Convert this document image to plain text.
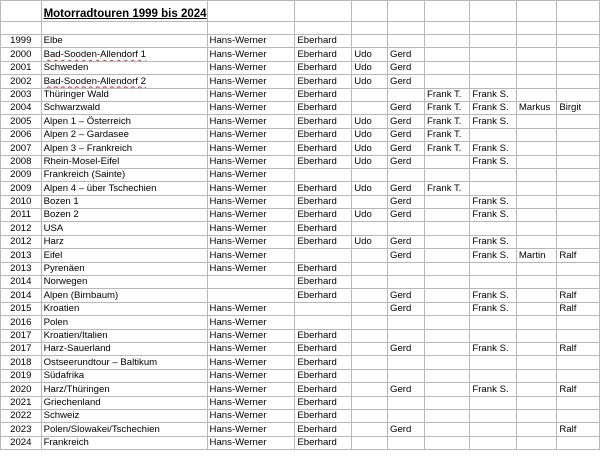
	Motorradtouren 1999 bis 2024								

1999	Elbe	Hans-Werner	Eberhard						
2000	Bad-Sooden-Allendorf 1	Hans-Werner	Eberhard	Udo	Gerd				
2001	Schweden	Hans-Werner	Eberhard	Udo	Gerd				
2002	Bad-Sooden-Allendorf 2	Hans-Werner	Eberhard	Udo	Gerd				
2003	Thüringer Wald	Hans-Werner	Eberhard			Frank T.	Frank S.		
2004	Schwarzwald	Hans-Werner	Eberhard		Gerd	Frank T.	Frank S.	Markus	Birgit
2005	Alpen 1 – Österreich	Hans-Werner	Eberhard	Udo	Gerd	Frank T.	Frank S.		
2006	Alpen 2 – Gardasee	Hans-Werner	Eberhard	Udo	Gerd	Frank T.			
2007	Alpen 3 – Frankreich	Hans-Werner	Eberhard	Udo	Gerd	Frank T.	Frank S.		
2008	Rhein-Mosel-Eifel	Hans-Werner	Eberhard	Udo	Gerd		Frank S.		
2009	Frankreich (Sainte)	Hans-Werner							
2009	Alpen 4 – über Tschechien	Hans-Werner	Eberhard	Udo	Gerd	Frank T.			
2010	Bozen 1	Hans-Werner	Eberhard		Gerd		Frank S.		
2011	Bozen 2	Hans-Werner	Eberhard	Udo	Gerd		Frank S.		
2012	USA	Hans-Werner	Eberhard						
2012	Harz	Hans-Werner	Eberhard	Udo	Gerd		Frank S.		
2013	Eifel	Hans-Werner			Gerd		Frank S.	Martin	Ralf
2013	Pyrenäen	Hans-Werner	Eberhard						
2014	Norwegen		Eberhard						
2014	Alpen (Birnbaum)		Eberhard		Gerd		Frank S.		Ralf
2015	Kroatien	Hans-Werner			Gerd		Frank S.		Ralf
2016	Polen	Hans-Werner							
2017	Kroatien/Italien	Hans-Werner	Eberhard						
2017	Harz-Sauerland	Hans-Werner	Eberhard		Gerd		Frank S.		Ralf
2018	Ostseerundtour – Baltikum	Hans-Werner	Eberhard						
2019	Südafrika	Hans-Werner	Eberhard						
2020	Harz/Thüringen	Hans-Werner	Eberhard		Gerd		Frank S.		Ralf
2021	Griechenland	Hans-Werner	Eberhard						
2022	Schweiz	Hans-Werner	Eberhard						
2023	Polen/Slowakei/Tschechien	Hans-Werner	Eberhard		Gerd				Ralf
2024	Frankreich	Hans-Werner	Eberhard						
